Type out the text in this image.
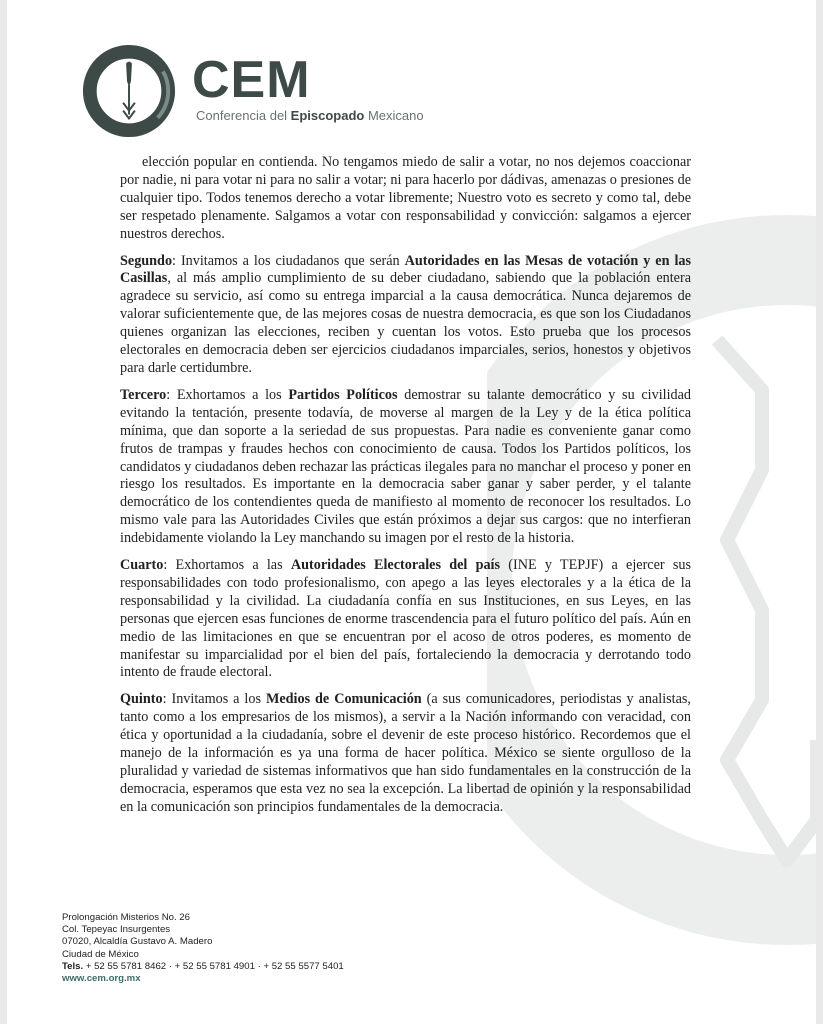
CEM
Conferencia del Episcopado Mexicano

elección popular en contienda. No tengamos miedo de salir a votar, no nos dejemos coaccionar por nadie, ni para votar ni para no salir a votar; ni para hacerlo por dádivas, amenazas o presiones de cualquier tipo. Todos tenemos derecho a votar libremente; Nuestro voto es secreto y como tal, debe ser respetado plenamente. Salgamos a votar con responsabilidad y convicción: salgamos a ejercer nuestros derechos.

Segundo: Invitamos a los ciudadanos que serán Autoridades en las Mesas de votación y en las Casillas, al más amplio cumplimiento de su deber ciudadano, sabiendo que la población entera agradece su servicio, así como su entrega imparcial a la causa democrática. Nunca dejaremos de valorar suficientemente que, de las mejores cosas de nuestra democracia, es que son los Ciudadanos quienes organizan las elecciones, reciben y cuentan los votos. Esto prueba que los procesos electorales en democracia deben ser ejercicios ciudadanos imparciales, serios, honestos y objetivos para darle certidumbre.

Tercero: Exhortamos a los Partidos Políticos demostrar su talante democrático y su civilidad evitando la tentación, presente todavía, de moverse al margen de la Ley y de la ética política mínima, que dan soporte a la seriedad de sus propuestas. Para nadie es conveniente ganar como frutos de trampas y fraudes hechos con conocimiento de causa. Todos los Partidos políticos, los candidatos y ciudadanos deben rechazar las prácticas ilegales para no manchar el proceso y poner en riesgo los resultados. Es importante en la democracia saber ganar y saber perder, y el talante democrático de los contendientes queda de manifiesto al momento de reconocer los resultados. Lo mismo vale para las Autoridades Civiles que están próximos a dejar sus cargos: que no interfieran indebidamente violando la Ley manchando su imagen por el resto de la historia.

Cuarto: Exhortamos a las Autoridades Electorales del país (INE y TEPJF) a ejercer sus responsabilidades con todo profesionalismo, con apego a las leyes electorales y a la ética de la responsabilidad y la civilidad. La ciudadanía confía en sus Instituciones, en sus Leyes, en las personas que ejercen esas funciones de enorme trascendencia para el futuro político del país. Aún en medio de las limitaciones en que se encuentran por el acoso de otros poderes, es momento de manifestar su imparcialidad por el bien del país, fortaleciendo la democracia y derrotando todo intento de fraude electoral.

Quinto: Invitamos a los Medios de Comunicación (a sus comunicadores, periodistas y analistas, tanto como a los empresarios de los mismos), a servir a la Nación informando con veracidad, con ética y oportunidad a la ciudadanía, sobre el devenir de este proceso histórico. Recordemos que el manejo de la información es ya una forma de hacer política. México se siente orgulloso de la pluralidad y variedad de sistemas informativos que han sido fundamentales en la construcción de la democracia, esperamos que esta vez no sea la excepción. La libertad de opinión y la responsabilidad en la comunicación son principios fundamentales de la democracia.

Prolongación Misterios No. 26
Col. Tepeyac Insurgentes
07020, Alcaldía Gustavo A. Madero
Ciudad de México
Tels. + 52 55 5781 8462 · + 52 55 5781 4901 · + 52 55 5577 5401
www.cem.org.mx
